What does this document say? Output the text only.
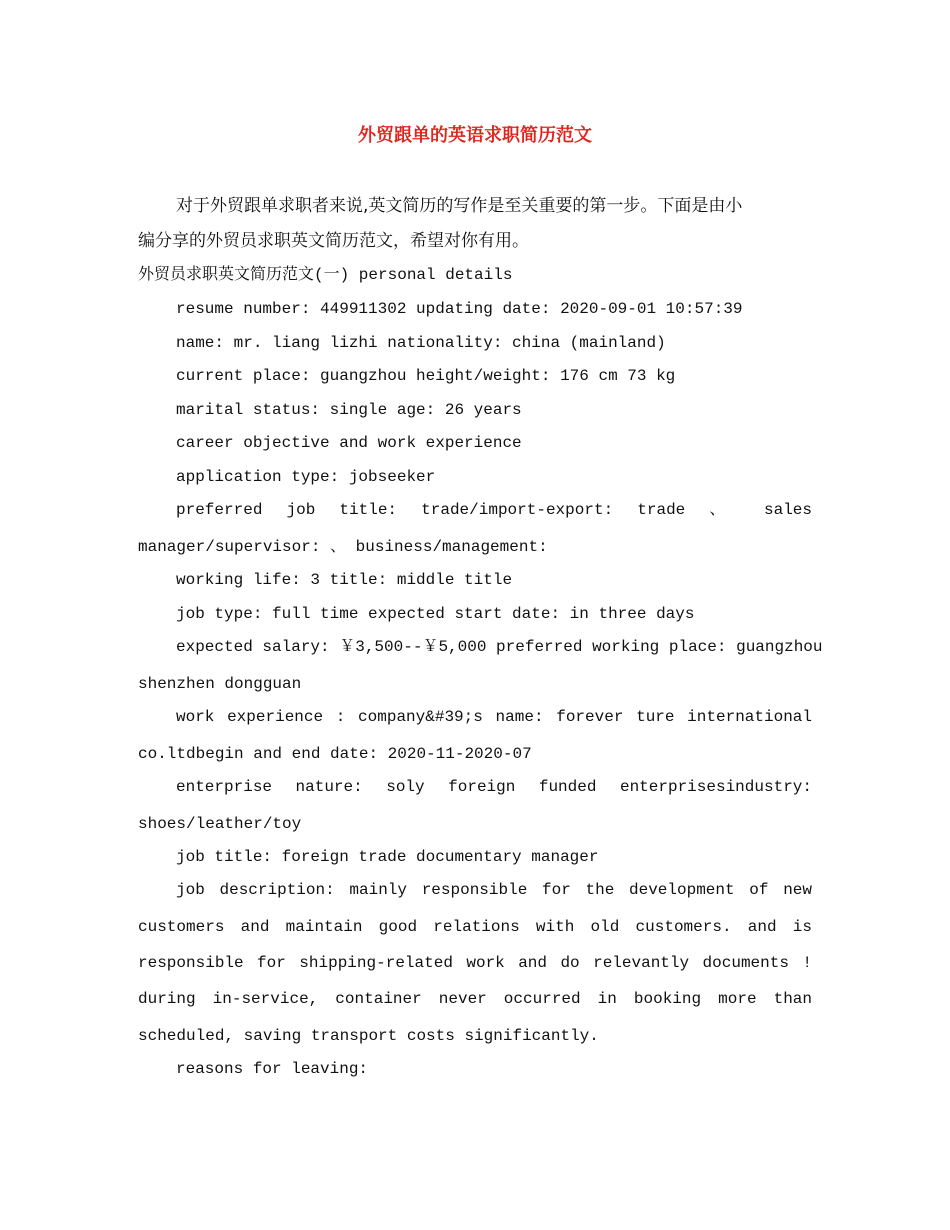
外贸跟单的英语求职简历范文
对于外贸跟单求职者来说,英文简历的写作是至关重要的第一步。下面是由小
编分享的外贸员求职英文简历范文，希望对你有用。
外贸员求职英文简历范文(一) personal details
resume number: 449911302 updating date: 2020-09-01 10:57:39
name: mr. liang lizhi nationality: china (mainland)
current place: guangzhou height/weight: 176 cm 73 kg
marital status: single age: 26 years
career objective and work experience
application type: jobseeker
preferred job title: trade/import-export: trade 、 sales
manager/supervisor: 、 business/management:
working life: 3 title: middle title
job type: full time expected start date: in three days
expected salary: ￥3,500--￥5,000 preferred working place: guangzhou
shenzhen dongguan
work experience : company&#39;s name: forever ture international
co.ltdbegin and end date: 2020-11-2020-07
enterprise nature: soly foreign funded enterprisesindustry:
shoes/leather/toy
job title: foreign trade documentary manager
job description: mainly responsible for the development of new
customers and maintain good relations with old customers. and is
responsible for shipping-related work and do relevantly documents !
during in-service, container never occurred in booking more than
scheduled, saving transport costs significantly.
reasons for leaving:
